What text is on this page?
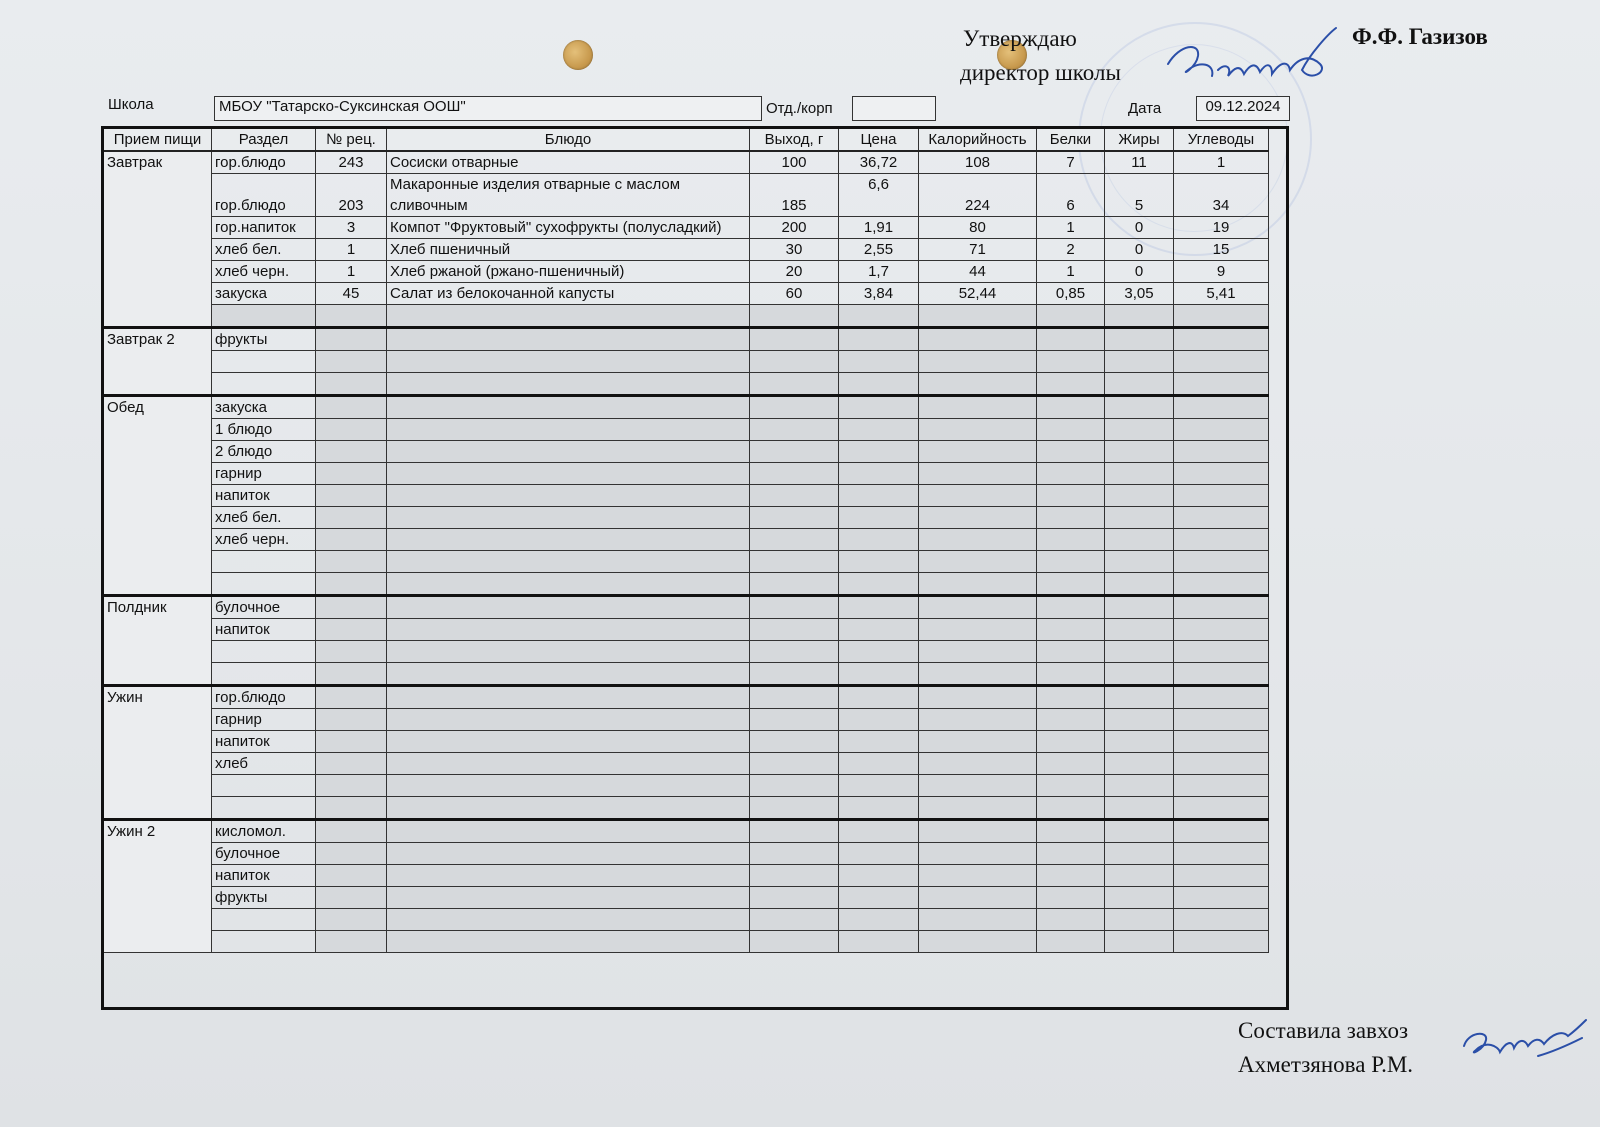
Утверждаю
директор школы
Ф.Ф. Газизов
Школа	МБОУ "Татарско-Суксинская ООШ"	Отд./корп	Дата	09.12.2024
Прием пищи	Раздел	№ рец.	Блюдо	Выход, г	Цена	Калорийность	Белки	Жиры	Углеводы
Завтрак	гор.блюдо	243	Сосиски отварные	100	36,72	108	7	11	1
	гор.блюдо	203	Макаронные изделия отварные с маслом сливочным	185	6,6	224	6	5	34
	гор.напиток	3	Компот "Фруктовый" сухофрукты (полусладкий)	200	1,91	80	1	0	19
	хлеб бел.	1	Хлеб пшеничный	30	2,55	71	2	0	15
	хлеб черн.	1	Хлеб ржаной (ржано-пшеничный)	20	1,7	44	1	0	9
	закуска	45	Салат из белокочанной капусты	60	3,84	52,44	0,85	3,05	5,41

Завтрак 2	фрукты								

Обед	закуска								
	1 блюдо								
	2 блюдо								
	гарнир								
	напиток								
	хлеб бел.								
	хлеб черн.								

Полдник	булочное								
	напиток								

Ужин	гор.блюдо								
	гарнир								
	напиток								
	хлеб								

Ужин 2	кисломол.								
	булочное								
	напиток								
	фрукты								

Составила завхоз
Ахметзянова Р.М.
